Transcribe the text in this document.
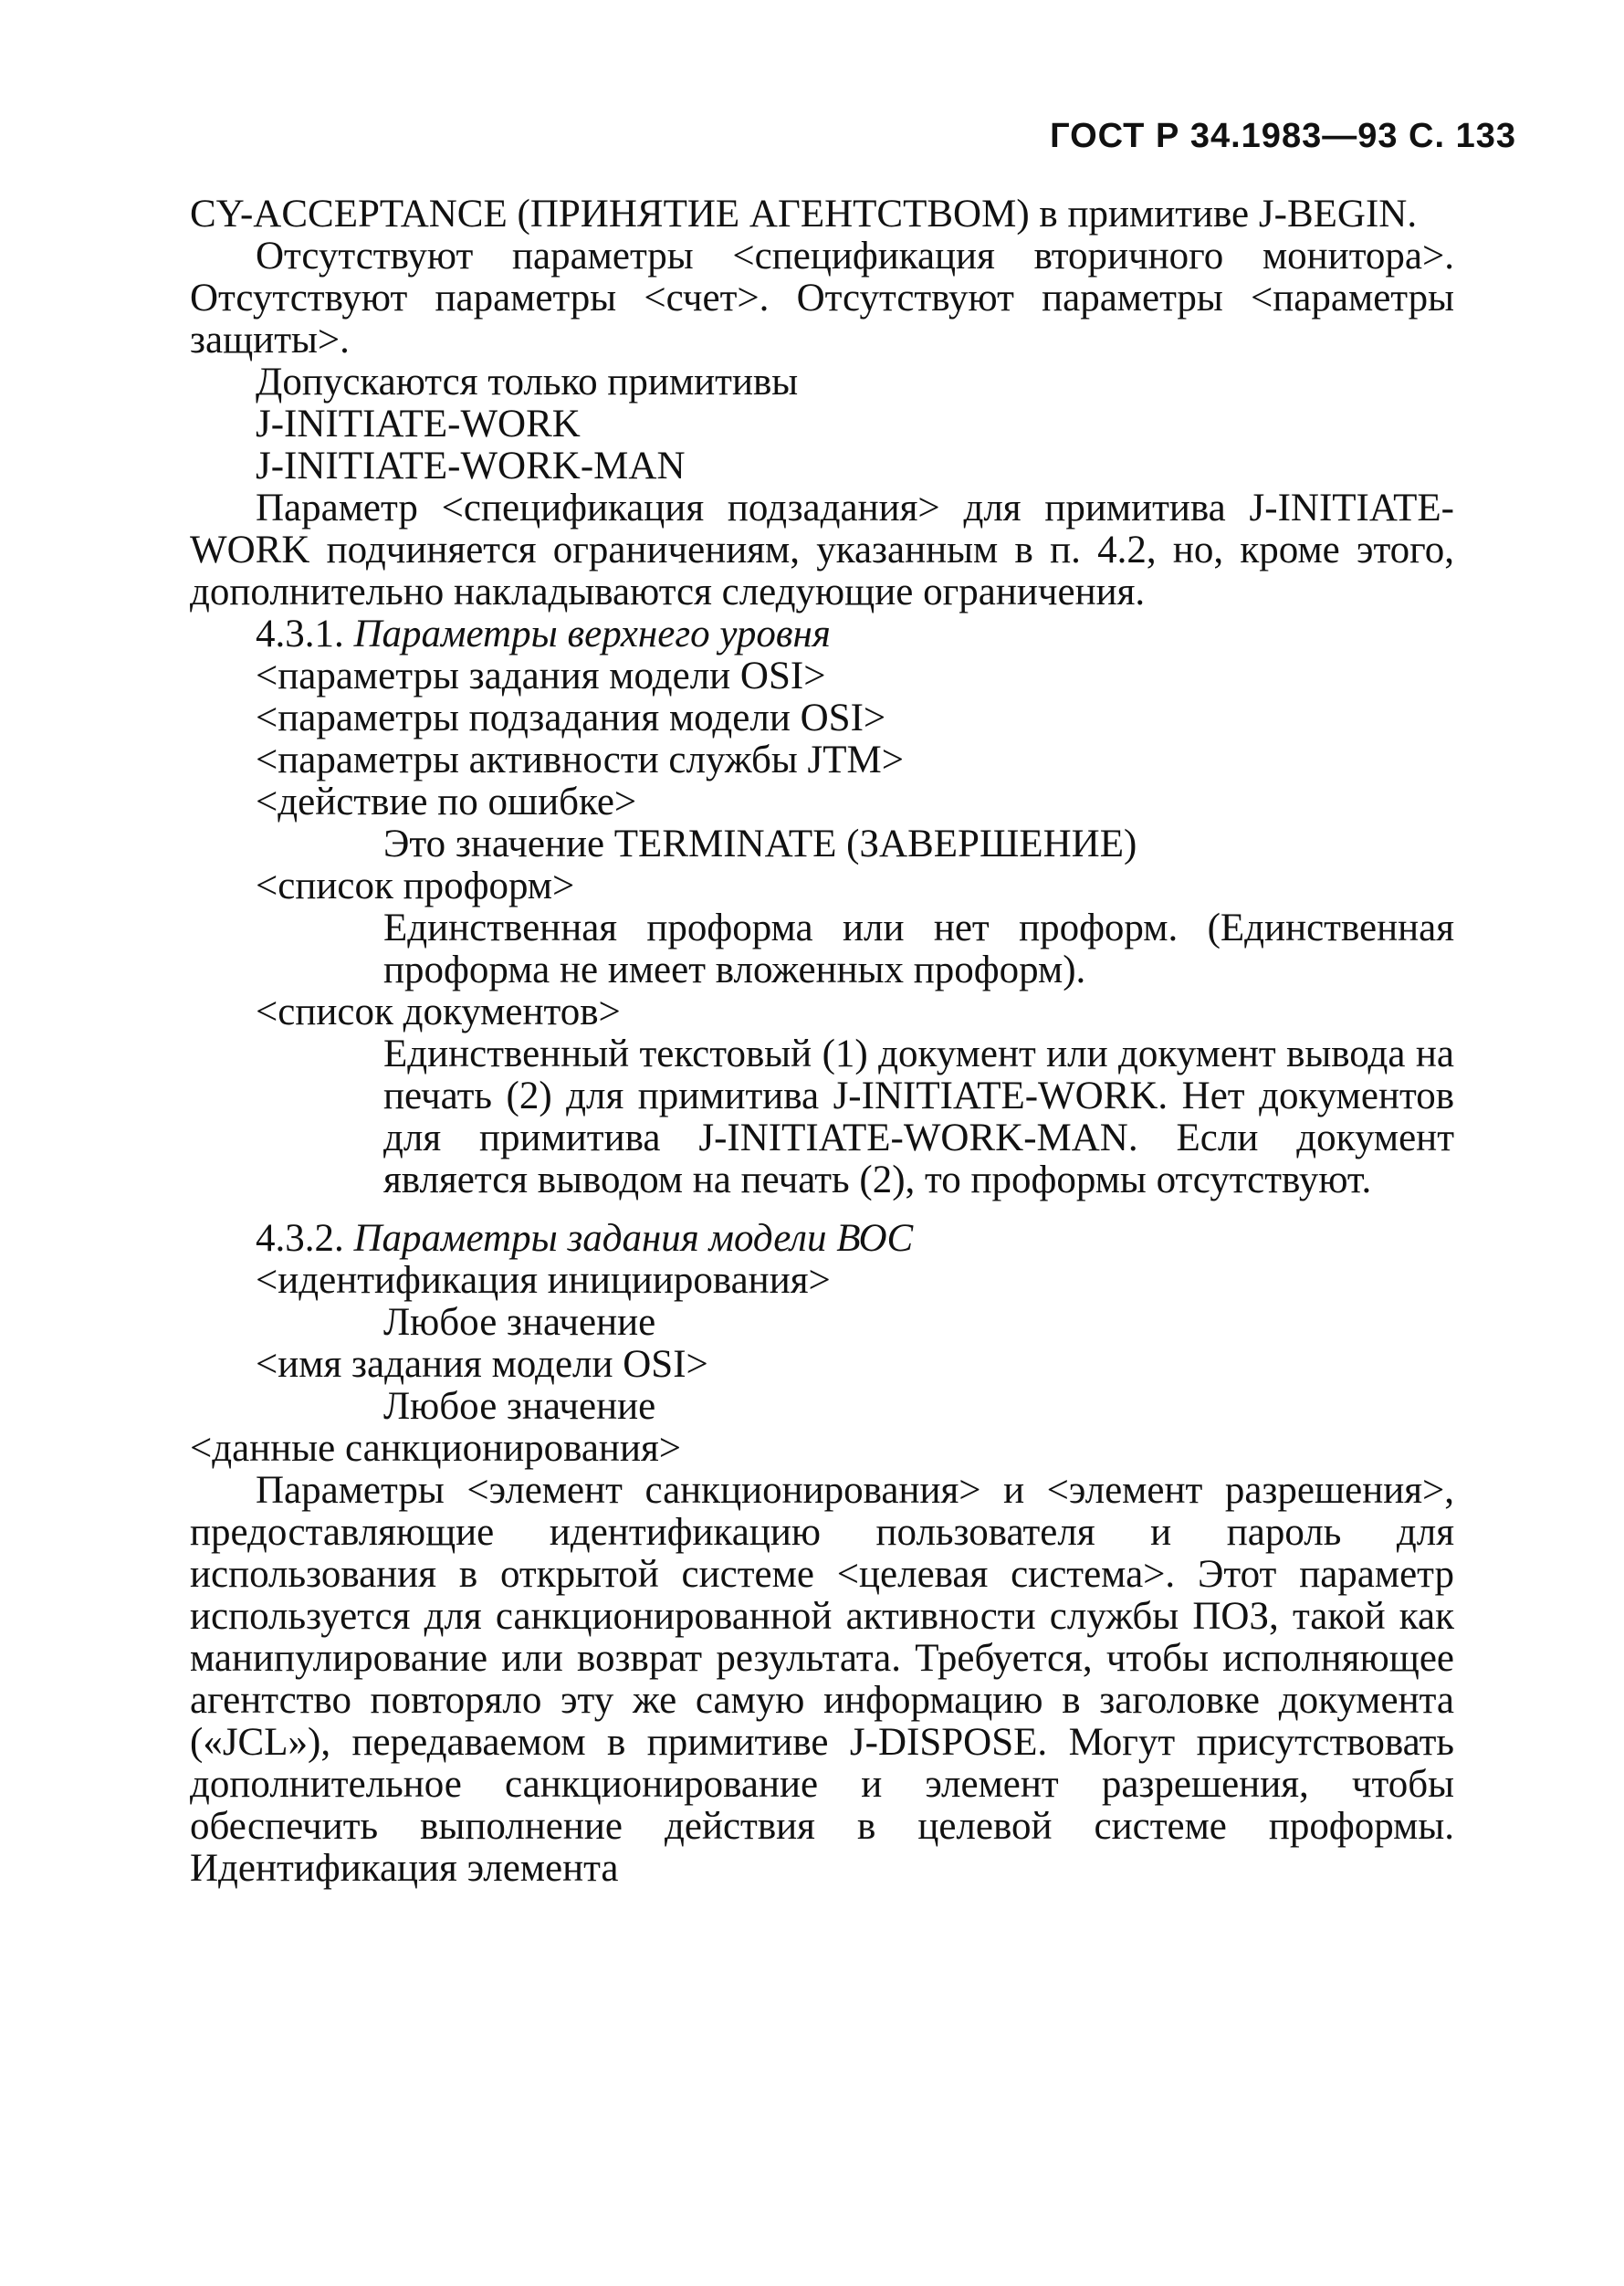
ГОСТ Р 34.1983—93 С. 133

CY-ACCEPTANCE (ПРИНЯТИЕ АГЕНТСТВОМ) в примитиве J-BEGIN.

Отсутствуют параметры <спецификация вторичного монитора>. Отсутствуют параметры <счет>. Отсутствуют параметры <параметры защиты>.

Допускаются только примитивы

J-INITIATE-WORK

J-INITIATE-WORK-MAN

Параметр <спецификация подзадания> для примитива J-INITIATE-WORK подчиняется ограничениям, указанным в п. 4.2, но, кроме этого, дополнительно накладываются следующие ограничения.

4.3.1. Параметры верхнего уровня

<параметры задания модели OSI>

<параметры подзадания модели OSI>

<параметры активности службы JTM>

<действие по ошибке>

Это значение TERMINATE (ЗАВЕРШЕНИЕ)

<список проформ>

Единственная проформа или нет проформ. (Единственная проформа не имеет вложенных проформ).

<список документов>

Единственный текстовый (1) документ или документ вывода на печать (2) для примитива J-INITIATE-WORK. Нет документов для примитива J-INITIATE-WORK-MAN. Если документ является выводом на печать (2), то проформы отсутствуют.

4.3.2. Параметры задания модели ВОС

<идентификация инициирования>

Любое значение

<имя задания модели OSI>

Любое значение

<данные санкционирования>

Параметры <элемент санкционирования> и <элемент разрешения>, предоставляющие идентификацию пользователя и пароль для использования в открытой системе <целевая система>. Этот параметр используется для санкционированной активности службы ПОЗ, такой как манипулирование или возврат результата. Требуется, чтобы исполняющее агентство повторяло эту же самую информацию в заголовке документа («JCL»), передаваемом в примитиве J-DISPOSE. Могут присутствовать дополнительное санкционирование и элемент разрешения, чтобы обеспечить выполнение действия в целевой системе проформы. Идентификация элемента
